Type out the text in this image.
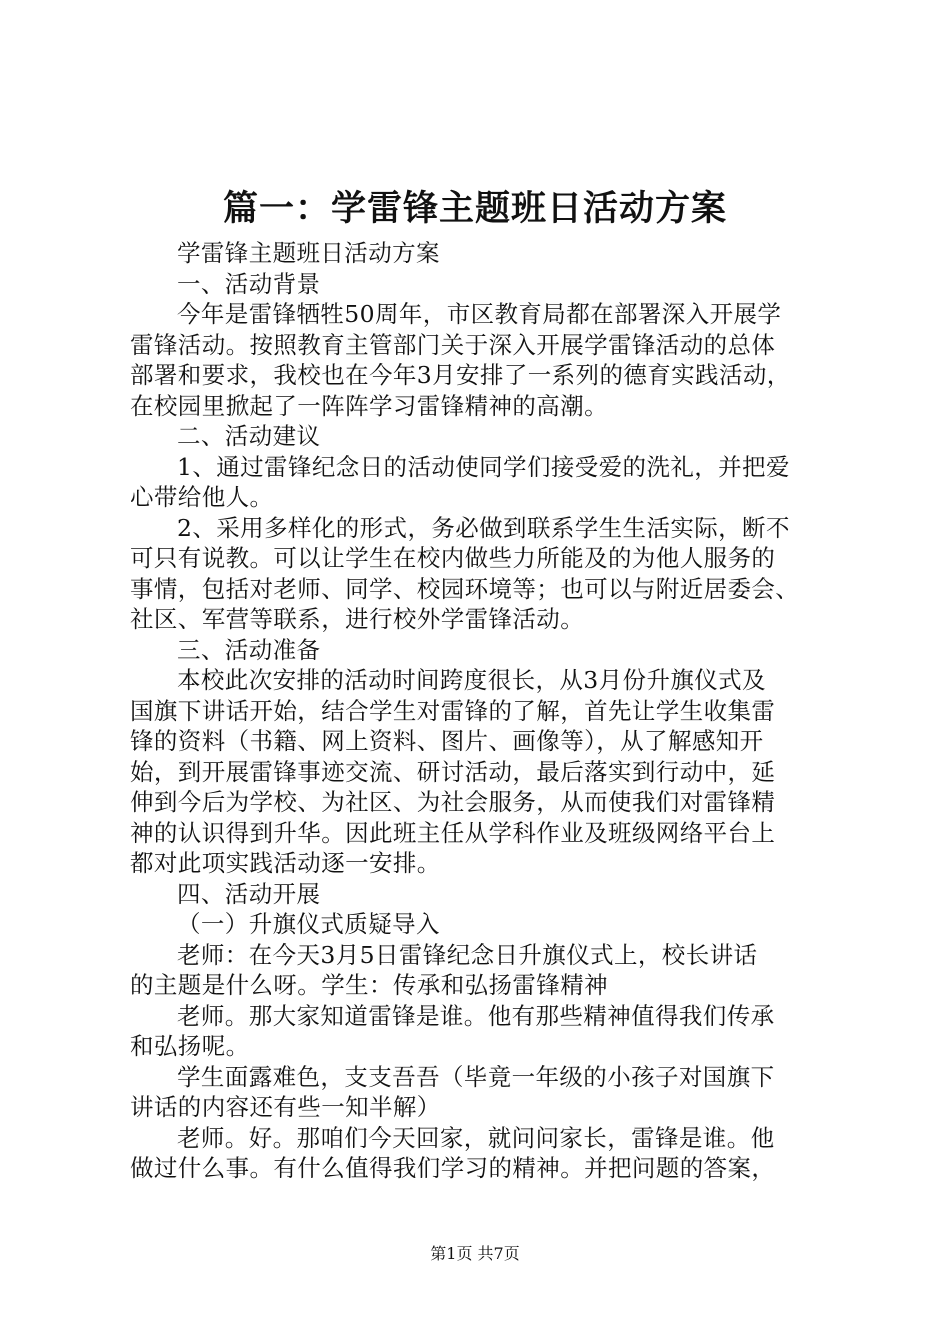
篇一：学雷锋主题班日活动方案

学雷锋主题班日活动方案

一、活动背景

今年是雷锋牺牲50周年，市区教育局都在部署深入开展学

雷锋活动。按照教育主管部门关于深入开展学雷锋活动的总体

部署和要求，我校也在今年3月安排了一系列的德育实践活动，

在校园里掀起了一阵阵学习雷锋精神的高潮。

二、活动建议

1、通过雷锋纪念日的活动使同学们接受爱的洗礼，并把爱

心带给他人。

2、采用多样化的形式，务必做到联系学生生活实际，断不

可只有说教。可以让学生在校内做些力所能及的为他人服务的

事情，包括对老师、同学、校园环境等；也可以与附近居委会、

社区、军营等联系，进行校外学雷锋活动。

三、活动准备

本校此次安排的活动时间跨度很长，从3月份升旗仪式及

国旗下讲话开始，结合学生对雷锋的了解，首先让学生收集雷

锋的资料（书籍、网上资料、图片、画像等），从了解感知开

始，到开展雷锋事迹交流、研讨活动，最后落实到行动中，延

伸到今后为学校、为社区、为社会服务，从而使我们对雷锋精

神的认识得到升华。因此班主任从学科作业及班级网络平台上

都对此项实践活动逐一安排。

四、活动开展

（一）升旗仪式质疑导入

老师：在今天3月5日雷锋纪念日升旗仪式上，校长讲话

的主题是什么呀。学生：传承和弘扬雷锋精神

老师。那大家知道雷锋是谁。他有那些精神值得我们传承

和弘扬呢。

学生面露难色，支支吾吾（毕竟一年级的小孩子对国旗下

讲话的内容还有些一知半解）

老师。好。那咱们今天回家，就问问家长，雷锋是谁。他

做过什么事。有什么值得我们学习的精神。并把问题的答案，

第1页 共7页
